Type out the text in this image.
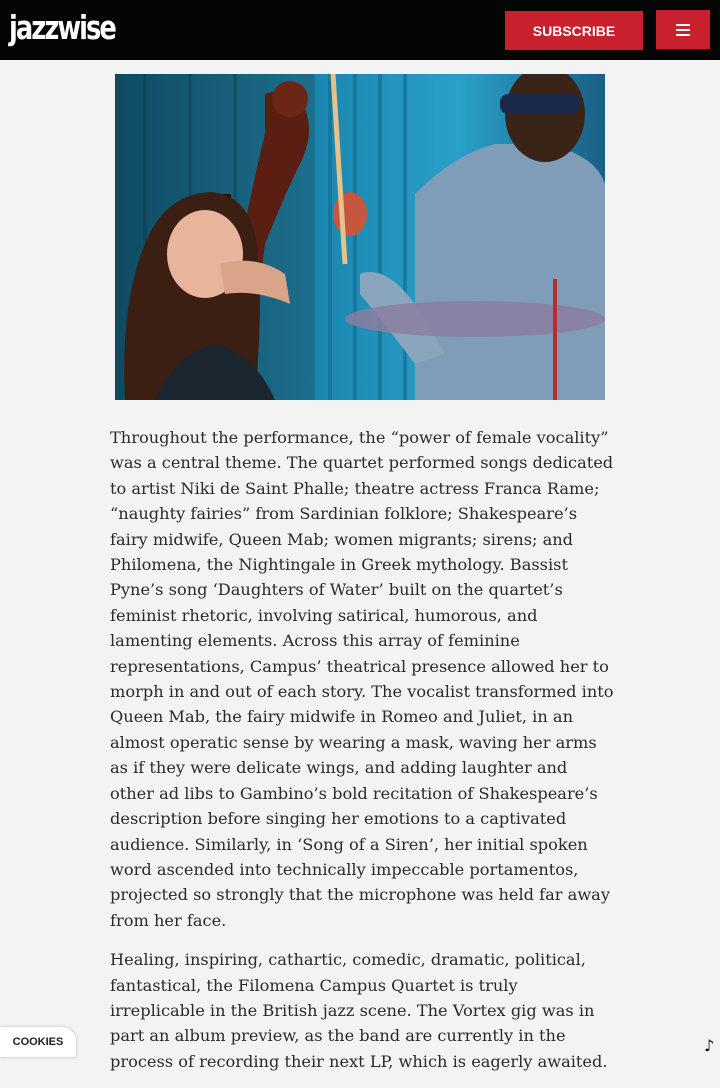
jazzwise	SUBSCRIBE

Throughout the performance, the “power of female vocality” was a central theme. The quartet performed songs dedicated to artist Niki de Saint Phalle; theatre actress Franca Rame; “naughty fairies” from Sardinian folklore; Shakespeare’s fairy midwife, Queen Mab; women migrants; sirens; and Philomena, the Nightingale in Greek mythology. Bassist Pyne’s song ‘Daughters of Water’ built on the quartet’s feminist rhetoric, involving satirical, humorous, and lamenting elements. Across this array of feminine representations, Campus’ theatrical presence allowed her to morph in and out of each story. The vocalist transformed into Queen Mab, the fairy midwife in Romeo and Juliet, in an almost operatic sense by wearing a mask, waving her arms as if they were delicate wings, and adding laughter and other ad libs to Gambino’s bold recitation of Shakespeare’s description before singing her emotions to a captivated audience. Similarly, in ‘Song of a Siren’, her initial spoken word ascended into technically impeccable portamentos, projected so strongly that the microphone was held far away from her face.

Healing, inspiring, cathartic, comedic, dramatic, political, fantastical, the Filomena Campus Quartet is truly irreplicable in the British jazz scene. The Vortex gig was in part an album preview, as the band are currently in the process of recording their next LP, which is eagerly awaited.

COOKIES	♪
